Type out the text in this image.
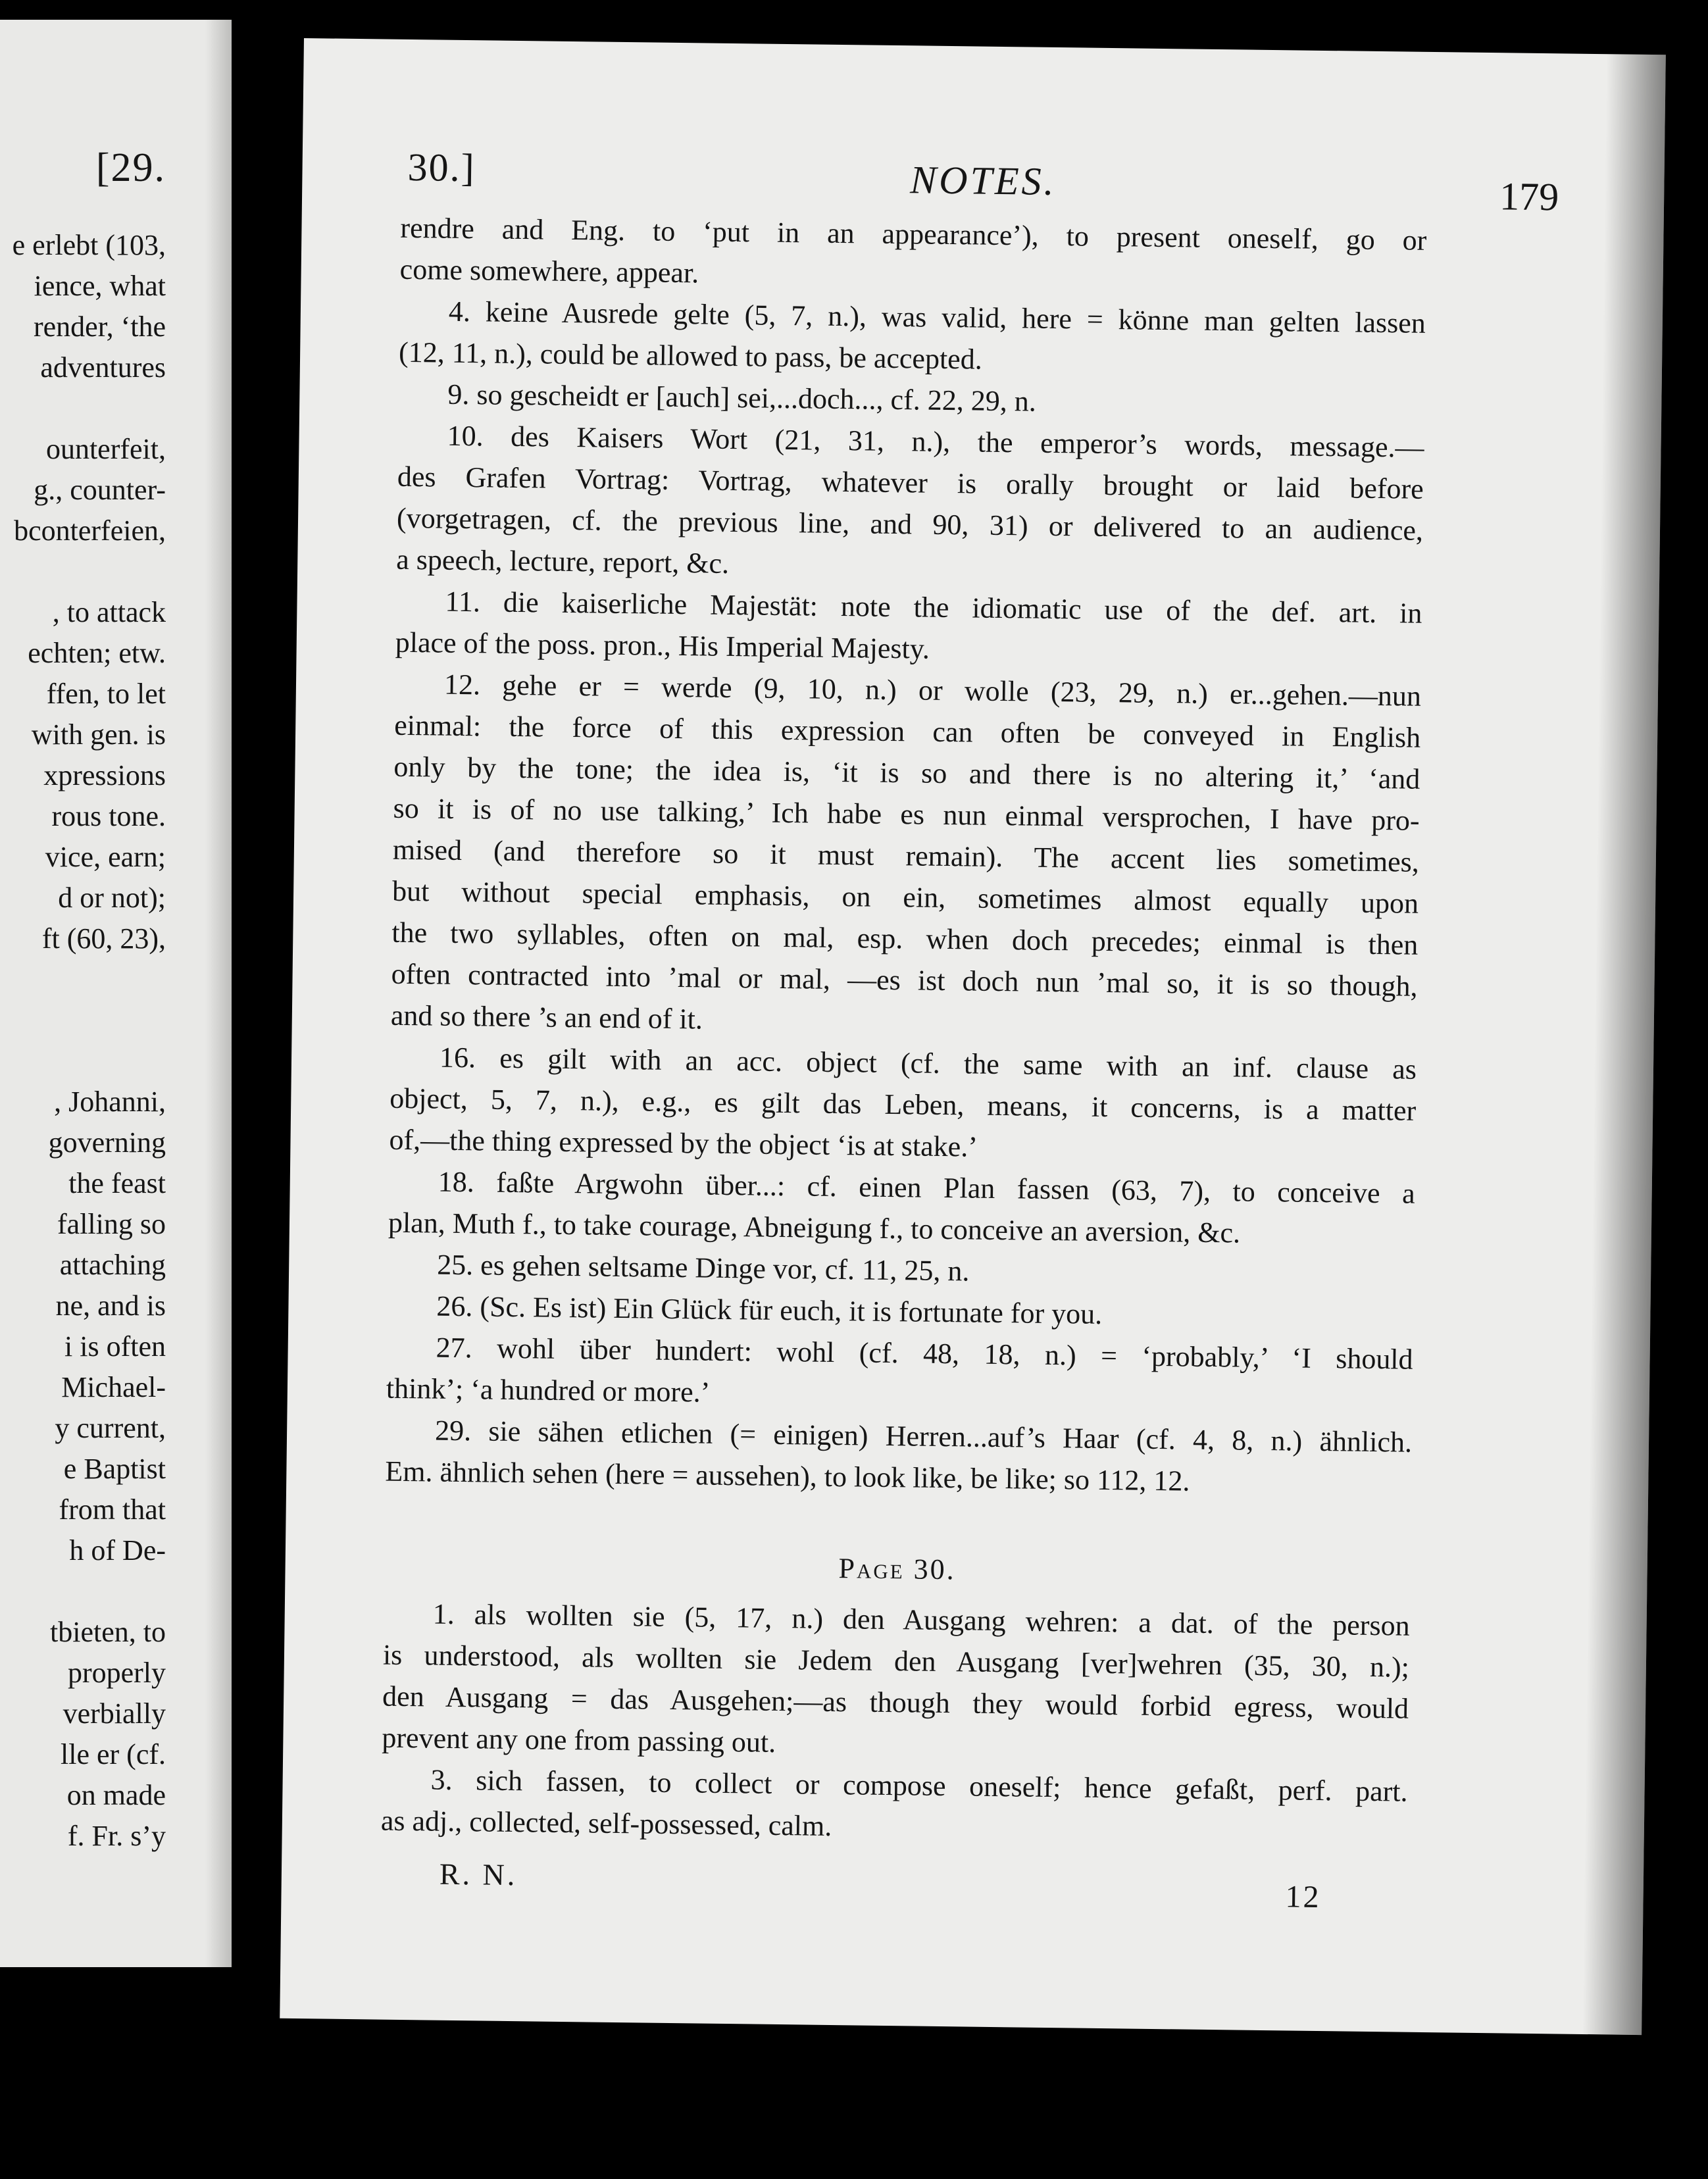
[29.
e erlebt (103,
ience, what
render, ‘the
adventures
ounterfeit,
g., counter-
bconterfeien,
, to attack
echten; etw.
ffen, to let
with gen. is
xpressions
rous tone.
vice, earn;
d or not);
ft (60, 23),
, Johanni,
governing
the feast
falling so
attaching
ne, and is
i is often
Michael-
y current,
e Baptist
from that
h of De-
tbieten, to
properly
verbially
lle er (cf.
on made
f. Fr. s’y
30.]	NOTES.	179
rendre and Eng. to ‘put in an appearance’), to present oneself, go or
come somewhere, appear.
4. keine Ausrede gelte (5, 7, n.), was valid, here = könne man gelten lassen
(12, 11, n.), could be allowed to pass, be accepted.
9. so gescheidt er [auch] sei,...doch..., cf. 22, 29, n.
10. des Kaisers Wort (21, 31, n.), the emperor’s words, message.—
des Grafen Vortrag: Vortrag, whatever is orally brought or laid before
(vorgetragen, cf. the previous line, and 90, 31) or delivered to an audience,
a speech, lecture, report, &c.
11. die kaiserliche Majestät: note the idiomatic use of the def. art. in
place of the poss. pron., His Imperial Majesty.
12. gehe er = werde (9, 10, n.) or wolle (23, 29, n.) er...gehen.—nun
einmal: the force of this expression can often be conveyed in English
only by the tone; the idea is, ‘it is so and there is no altering it,’ ‘and
so it is of no use talking,’ Ich habe es nun einmal versprochen, I have pro-
mised (and therefore so it must remain). The accent lies sometimes,
but without special emphasis, on ein, sometimes almost equally upon
the two syllables, often on mal, esp. when doch precedes; einmal is then
often contracted into ’mal or mal, —es ist doch nun ’mal so, it is so though,
and so there ’s an end of it.
16. es gilt with an acc. object (cf. the same with an inf. clause as
object, 5, 7, n.), e.g., es gilt das Leben, means, it concerns, is a matter
of,—the thing expressed by the object ‘is at stake.’
18. faßte Argwohn über...: cf. einen Plan fassen (63, 7), to conceive a
plan, Muth f., to take courage, Abneigung f., to conceive an aversion, &c.
25. es gehen seltsame Dinge vor, cf. 11, 25, n.
26. (Sc. Es ist) Ein Glück für euch, it is fortunate for you.
27. wohl über hundert: wohl (cf. 48, 18, n.) = ‘probably,’ ‘I should
think’; ‘a hundred or more.’
29. sie sähen etlichen (= einigen) Herren...auf’s Haar (cf. 4, 8, n.) ähnlich.
Em. ähnlich sehen (here = aussehen), to look like, be like; so 112, 12.
Page 30.
1. als wollten sie (5, 17, n.) den Ausgang wehren: a dat. of the person
is understood, als wollten sie Jedem den Ausgang [ver]wehren (35, 30, n.);
den Ausgang = das Ausgehen;—as though they would forbid egress, would
prevent any one from passing out.
3. sich fassen, to collect or compose oneself; hence gefaßt, perf. part.
as adj., collected, self-possessed, calm.
R. N.
12
